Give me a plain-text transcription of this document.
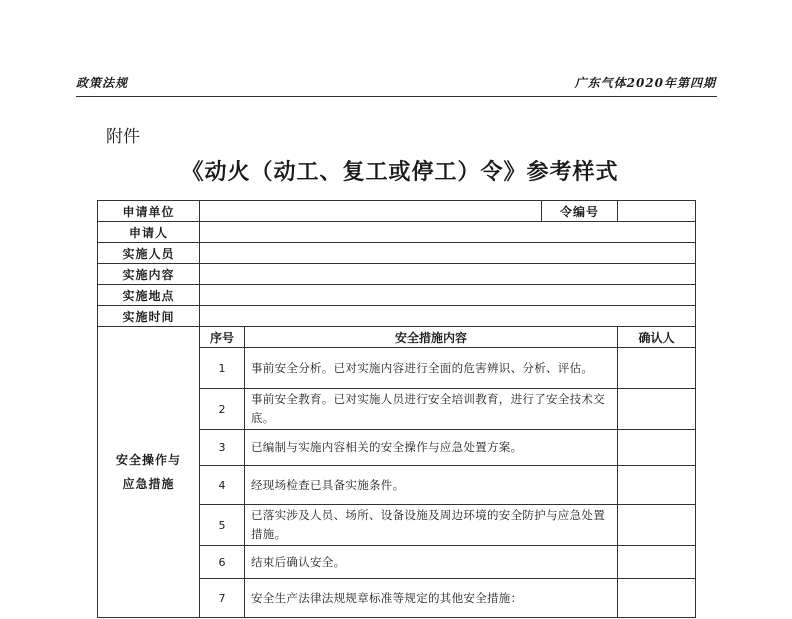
政策法规	广东气体2020年第四期
附件
《动火（动工、复工或停工）令》参考样式
申请单位			令编号	
申请人				
实施人员				
实施内容				
实施地点				
实施时间				
安全操作与应急措施	序号	安全措施内容		确认人
	1	事前安全分析。已对实施内容进行全面的危害辨识、分析、评估。		
	2	事前安全教育。已对实施人员进行安全培训教育，进行了安全技术交底。		
	3	已编制与实施内容相关的安全操作与应急处置方案。		
	4	经现场检查已具备实施条件。		
	5	已落实涉及人员、场所、设备设施及周边环境的安全防护与应急处置措施。		
	6	结束后确认安全。		
	7	安全生产法律法规规章标准等规定的其他安全措施：		
